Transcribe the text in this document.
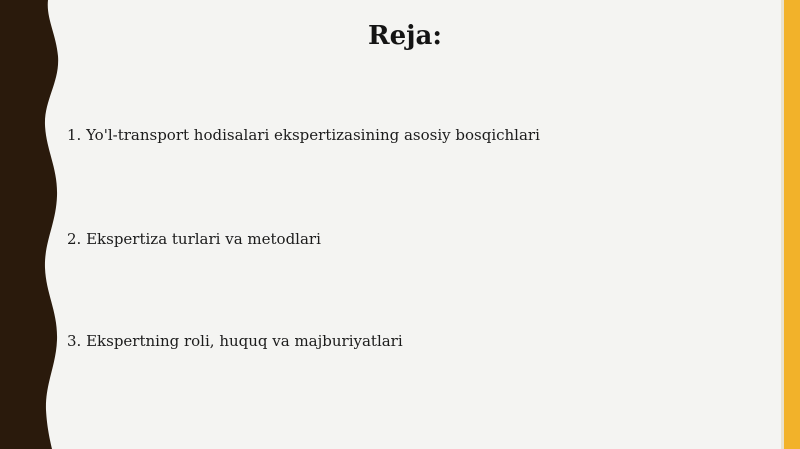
Reja:
1. Yo'l-transport hodisalari ekspertizasining asosiy bosqichlari
2. Ekspertiza turlari va metodlari
3. Ekspertning roli, huquq va majburiyatlari
